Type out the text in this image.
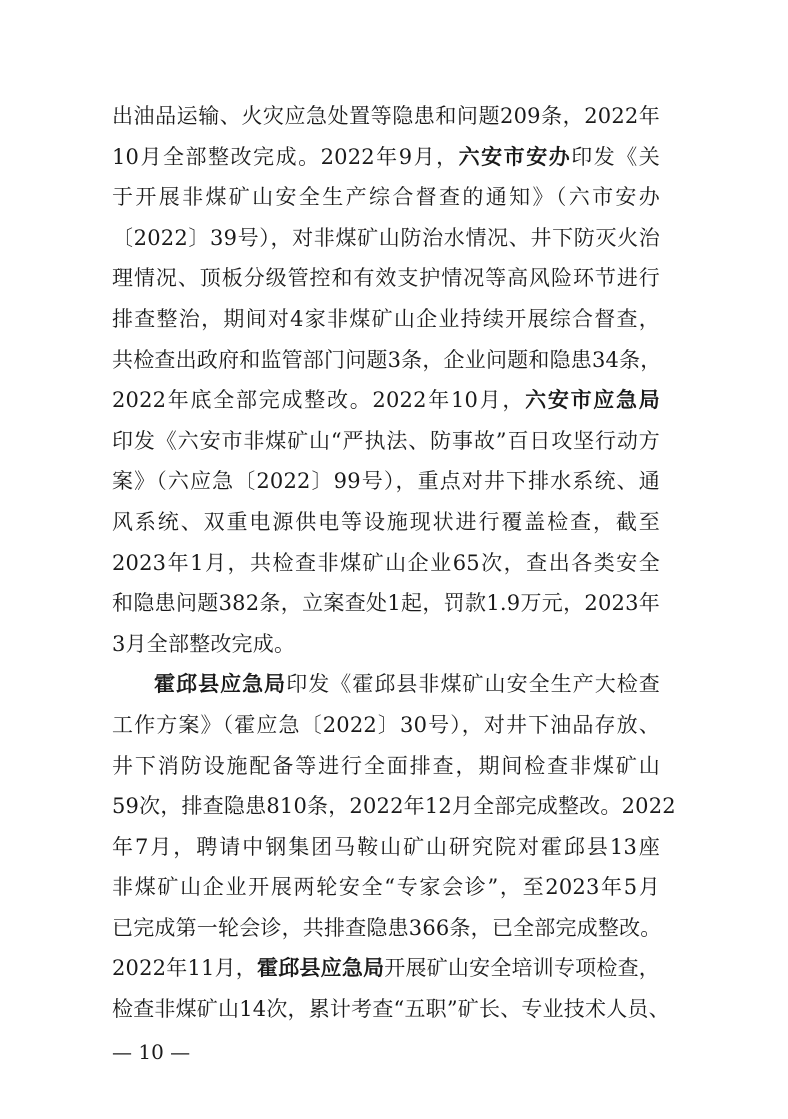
出油品运输、火灾应急处置等隐患和问题209条，2022年
10月全部整改完成。2022年9月，六安市安办印发《关
于开展非煤矿山安全生产综合督查的通知》（六市安办
〔2022〕39号），对非煤矿山防治水情况、井下防灭火治
理情况、顶板分级管控和有效支护情况等高风险环节进行
排查整治，期间对4家非煤矿山企业持续开展综合督查，
共检查出政府和监管部门问题3条，企业问题和隐患34条，
2022年底全部完成整改。2022年10月，六安市应急局
印发《六安市非煤矿山“严执法、防事故”百日攻坚行动方
案》（六应急〔2022〕99号），重点对井下排水系统、通
风系统、双重电源供电等设施现状进行覆盖检查，截至
2023年1月，共检查非煤矿山企业65次，查出各类安全
和隐患问题382条，立案查处1起，罚款1.9万元，2023年
3月全部整改完成。
霍邱县应急局印发《霍邱县非煤矿山安全生产大检查
工作方案》（霍应急〔2022〕30号），对井下油品存放、
井下消防设施配备等进行全面排查，期间检查非煤矿山
59次，排查隐患810条，2022年12月全部完成整改。2022
年7月，聘请中钢集团马鞍山矿山研究院对霍邱县13座
非煤矿山企业开展两轮安全“专家会诊”，至2023年5月
已完成第一轮会诊，共排查隐患366条，已全部完成整改。
2022年11月，霍邱县应急局开展矿山安全培训专项检查，
检查非煤矿山14次，累计考查“五职”矿长、专业技术人员、
— 10 —
